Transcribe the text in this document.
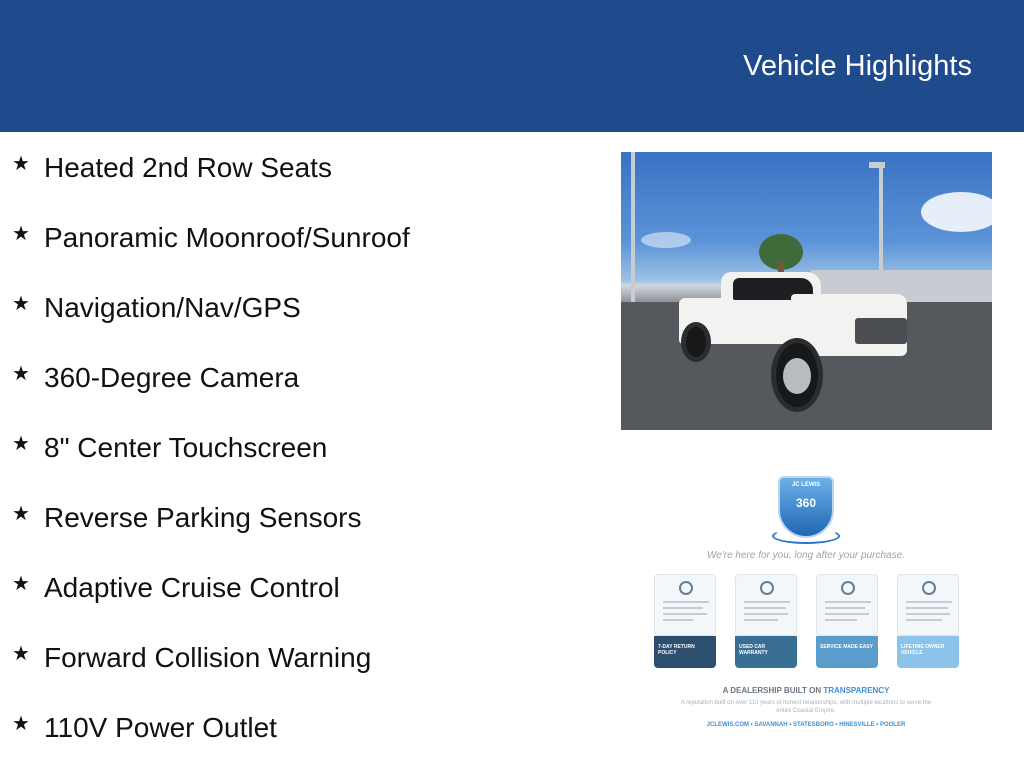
Vehicle Highlights
★ Heated 2nd Row Seats
★ Panoramic Moonroof/Sunroof
★ Navigation/Nav/GPS
★ 360-Degree Camera
★ 8" Center Touchscreen
★ Reverse Parking Sensors
★ Adaptive Cruise Control
★ Forward Collision Warning
★ 110V Power Outlet
JC LEWIS
360
We're here for you, long after your purchase.
7-DAY RETURN POLICY
USED CAR WARRANTY
SERVICE MADE EASY	LIFETIME OWNER VEHICLE
A DEALERSHIP BUILT ON TRANSPARENCY
A reputation built on over 110 years of honest relationships, with multiple locations to serve the entire Coastal Empire.
JCLEWIS.COM • SAVANNAH • STATESBORO • HINESVILLE • POOLER
